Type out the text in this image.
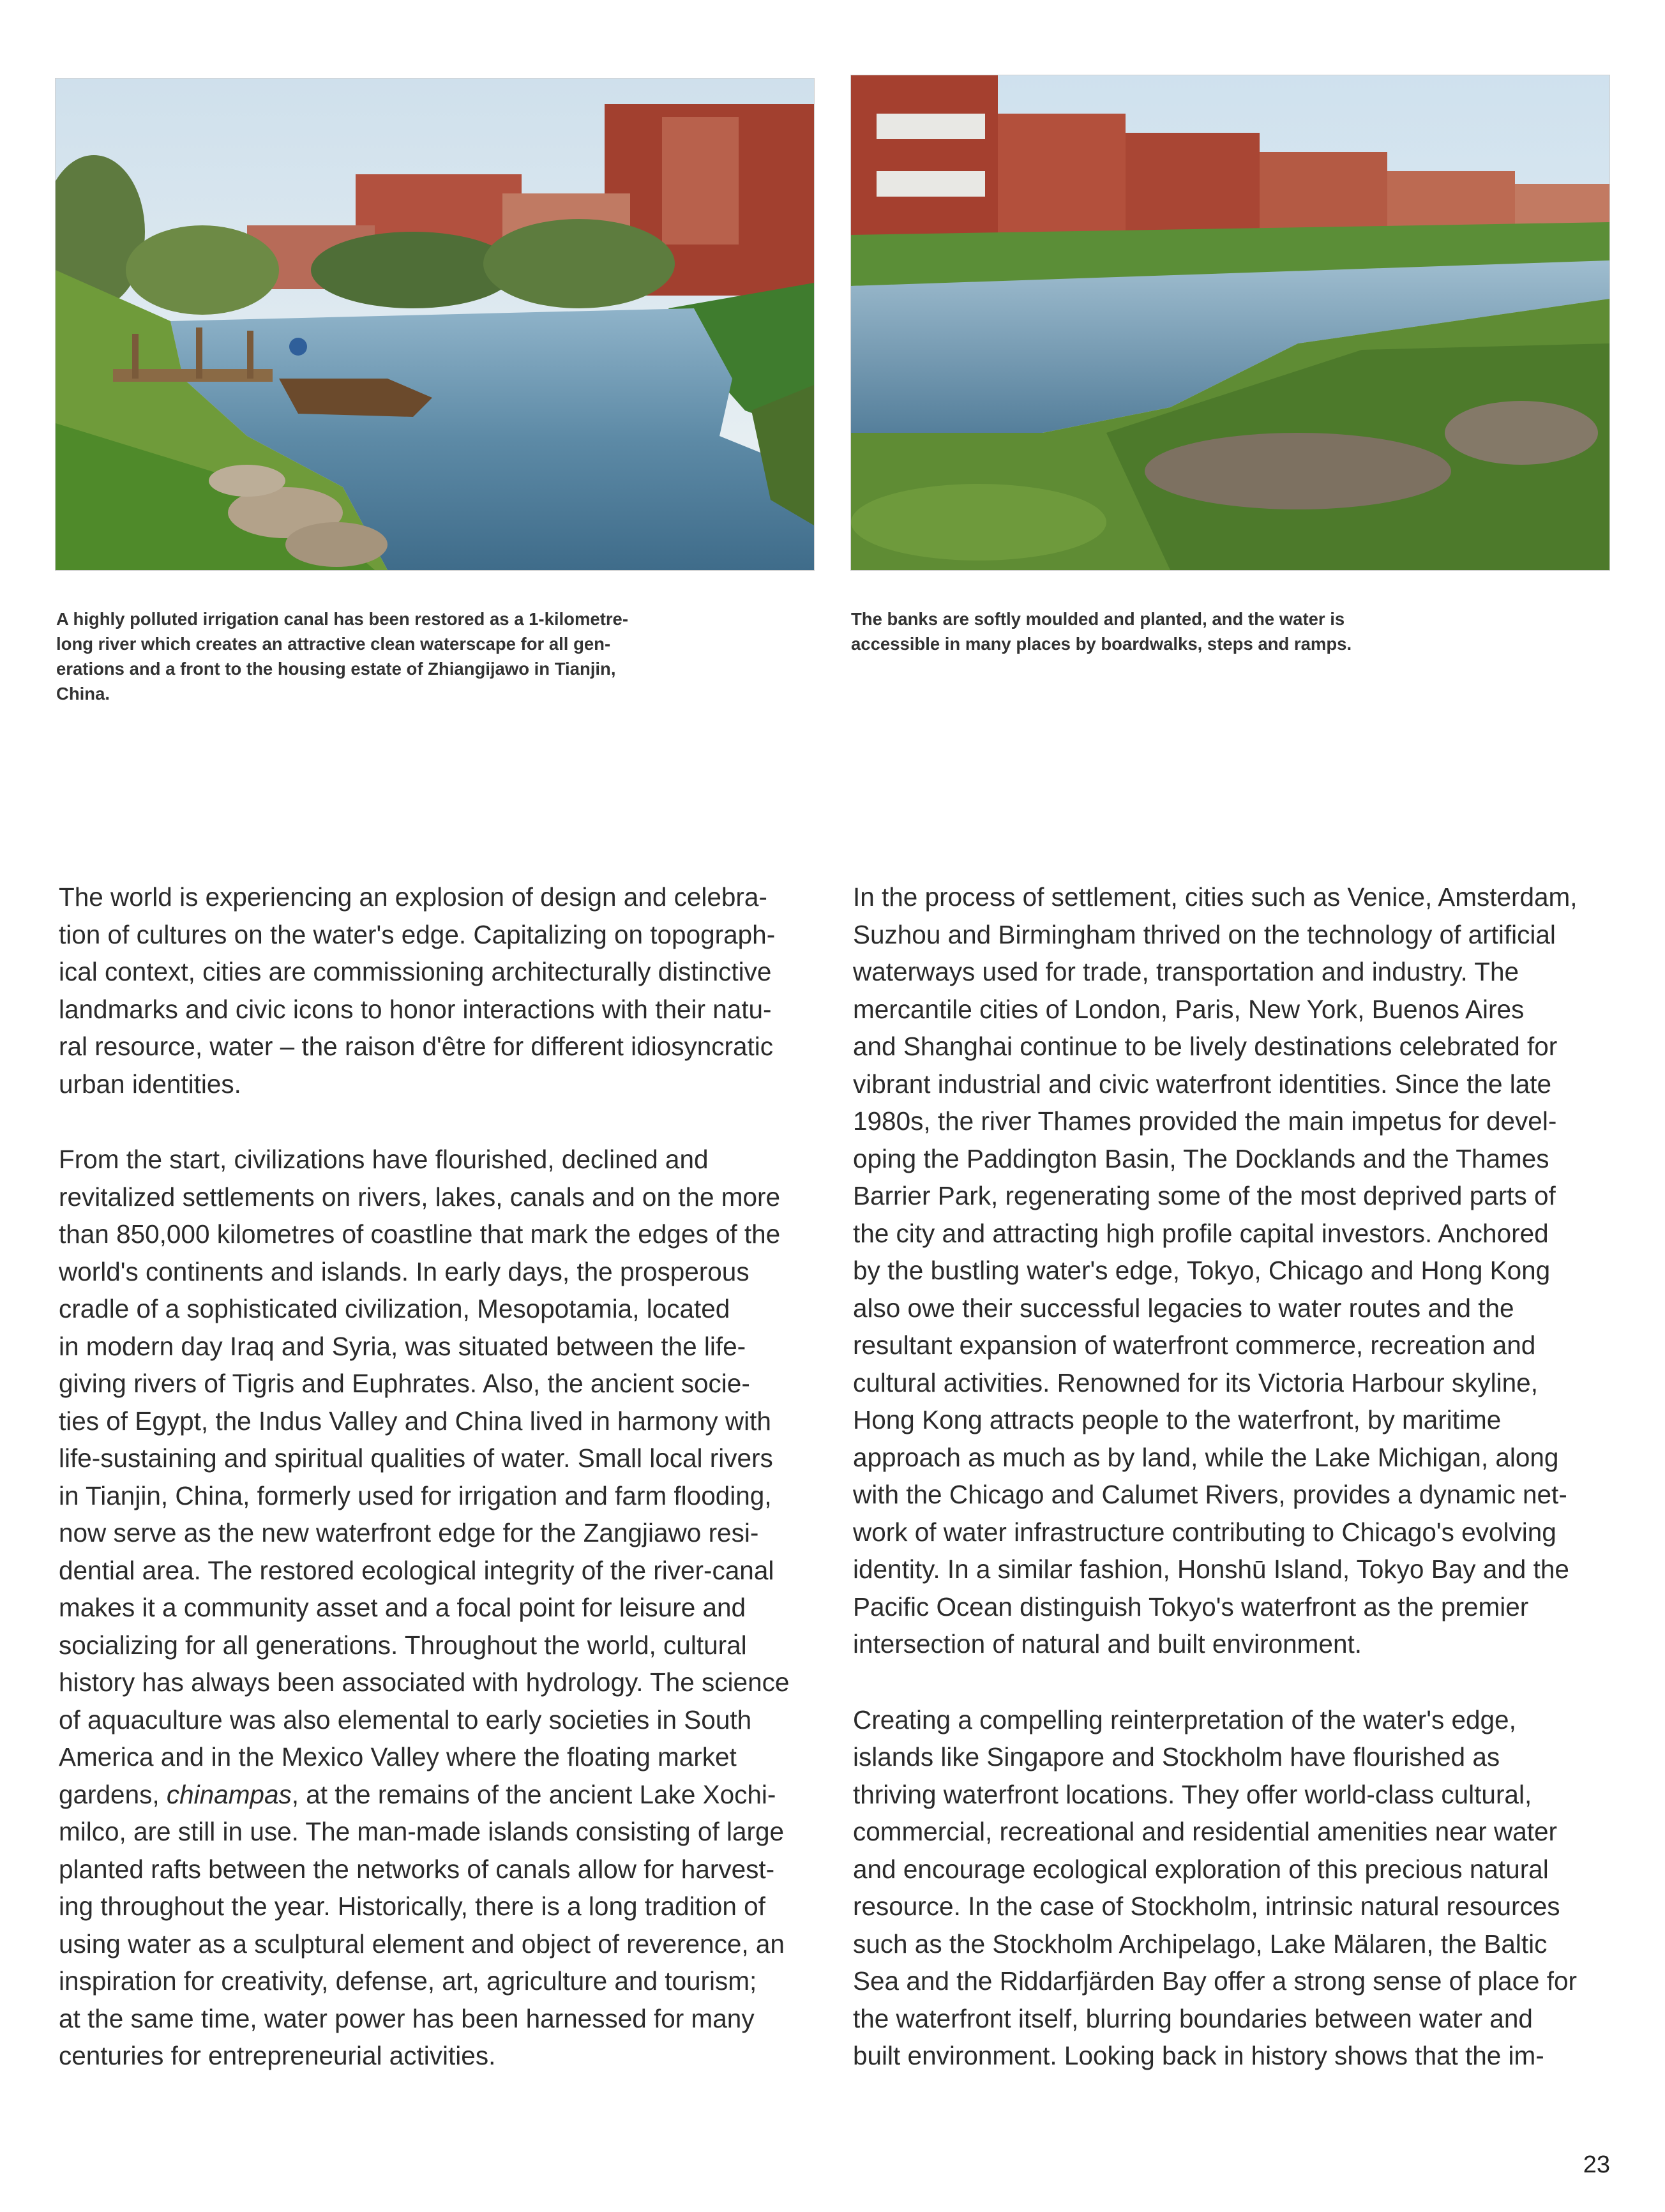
A highly polluted irrigation canal has been restored as a 1-kilometre-
long river which creates an attractive clean waterscape for all gen-
erations and a front to the housing estate of Zhiangijawo in Tianjin,
China.

The banks are softly moulded and planted, and the water is
accessible in many places by boardwalks, steps and ramps.

The world is experiencing an explosion of design and celebra-
tion of cultures on the water's edge. Capitalizing on topograph-
ical context, cities are commissioning architecturally distinctive
landmarks and civic icons to honor interactions with their natu-
ral resource, water – the raison d'être for different idiosyncratic
urban identities.

From the start, civilizations have flourished, declined and
revitalized settlements on rivers, lakes, canals and on the more
than 850,000 kilometres of coastline that mark the edges of the
world's continents and islands. In early days, the prosperous
cradle of a sophisticated civilization, Mesopotamia, located
in modern day Iraq and Syria, was situated between the life-
giving rivers of Tigris and Euphrates. Also, the ancient socie-
ties of Egypt, the Indus Valley and China lived in harmony with
life-sustaining and spiritual qualities of water. Small local rivers
in Tianjin, China, formerly used for irrigation and farm flooding,
now serve as the new waterfront edge for the Zangjiawo resi-
dential area. The restored ecological integrity of the river-canal
makes it a community asset and a focal point for leisure and
socializing for all generations. Throughout the world, cultural
history has always been associated with hydrology. The science
of aquaculture was also elemental to early societies in South
America and in the Mexico Valley where the floating market
gardens, chinampas, at the remains of the ancient Lake Xochi-
milco, are still in use. The man-made islands consisting of large
planted rafts between the networks of canals allow for harvest-
ing throughout the year. Historically, there is a long tradition of
using water as a sculptural element and object of reverence, an
inspiration for creativity, defense, art, agriculture and tourism;
at the same time, water power has been harnessed for many
centuries for entrepreneurial activities.

In the process of settlement, cities such as Venice, Amsterdam,
Suzhou and Birmingham thrived on the technology of artificial
waterways used for trade, transportation and industry. The
mercantile cities of London, Paris, New York, Buenos Aires
and Shanghai continue to be lively destinations celebrated for
vibrant industrial and civic waterfront identities. Since the late
1980s, the river Thames provided the main impetus for devel-
oping the Paddington Basin, The Docklands and the Thames
Barrier Park, regenerating some of the most deprived parts of
the city and attracting high profile capital investors. Anchored
by the bustling water's edge, Tokyo, Chicago and Hong Kong
also owe their successful legacies to water routes and the
resultant expansion of waterfront commerce, recreation and
cultural activities. Renowned for its Victoria Harbour skyline,
Hong Kong attracts people to the waterfront, by maritime
approach as much as by land, while the Lake Michigan, along
with the Chicago and Calumet Rivers, provides a dynamic net-
work of water infrastructure contributing to Chicago's evolving
identity. In a similar fashion, Honshū Island, Tokyo Bay and the
Pacific Ocean distinguish Tokyo's waterfront as the premier
intersection of natural and built environment.

Creating a compelling reinterpretation of the water's edge,
islands like Singapore and Stockholm have flourished as
thriving waterfront locations. They offer world-class cultural,
commercial, recreational and residential amenities near water
and encourage ecological exploration of this precious natural
resource. In the case of Stockholm, intrinsic natural resources
such as the Stockholm Archipelago, Lake Mälaren, the Baltic
Sea and the Riddarfjärden Bay offer a strong sense of place for
the waterfront itself, blurring boundaries between water and
built environment. Looking back in history shows that the im-

23
